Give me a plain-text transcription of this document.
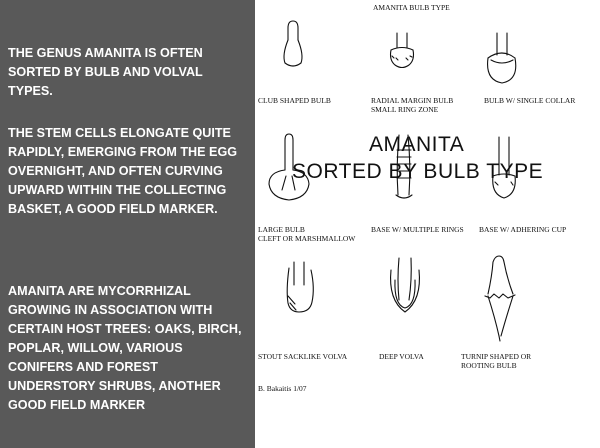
THE GENUS AMANITA IS OFTEN SORTED BY BULB AND VOLVAL TYPES.

THE STEM CELLS ELONGATE QUITE RAPIDLY, EMERGING FROM THE EGG OVERNIGHT, AND OFTEN CURVING UPWARD WITHIN THE COLLECTING BASKET, A GOOD FIELD MARKER.

AMANITA ARE MYCORRHIZAL GROWING IN ASSOCIATION WITH CERTAIN HOST TREES: OAKS, BIRCH, POPLAR, WILLOW, VARIOUS CONIFERS AND FOREST UNDERSTORY SHRUBS, ANOTHER GOOD FIELD MARKER

AMANITA BULB TYPE
CLUB SHAPED BULB	RADIAL MARGIN BULB
SMALL RING ZONE
BULB W/ SINGLE COLLAR
LARGE BULB
CLEFT OR MARSHMALLOW
BASE W/ MULTIPLE RINGS BASE W/ ADHERING CUP
STOUT SACKLIKE VOLVA	DEEP VOLVA	TURNIP SHAPED OR
ROOTING BULB
B. Bakaitis 1/07
AMANITA
SORTED BY BULB TYPE
